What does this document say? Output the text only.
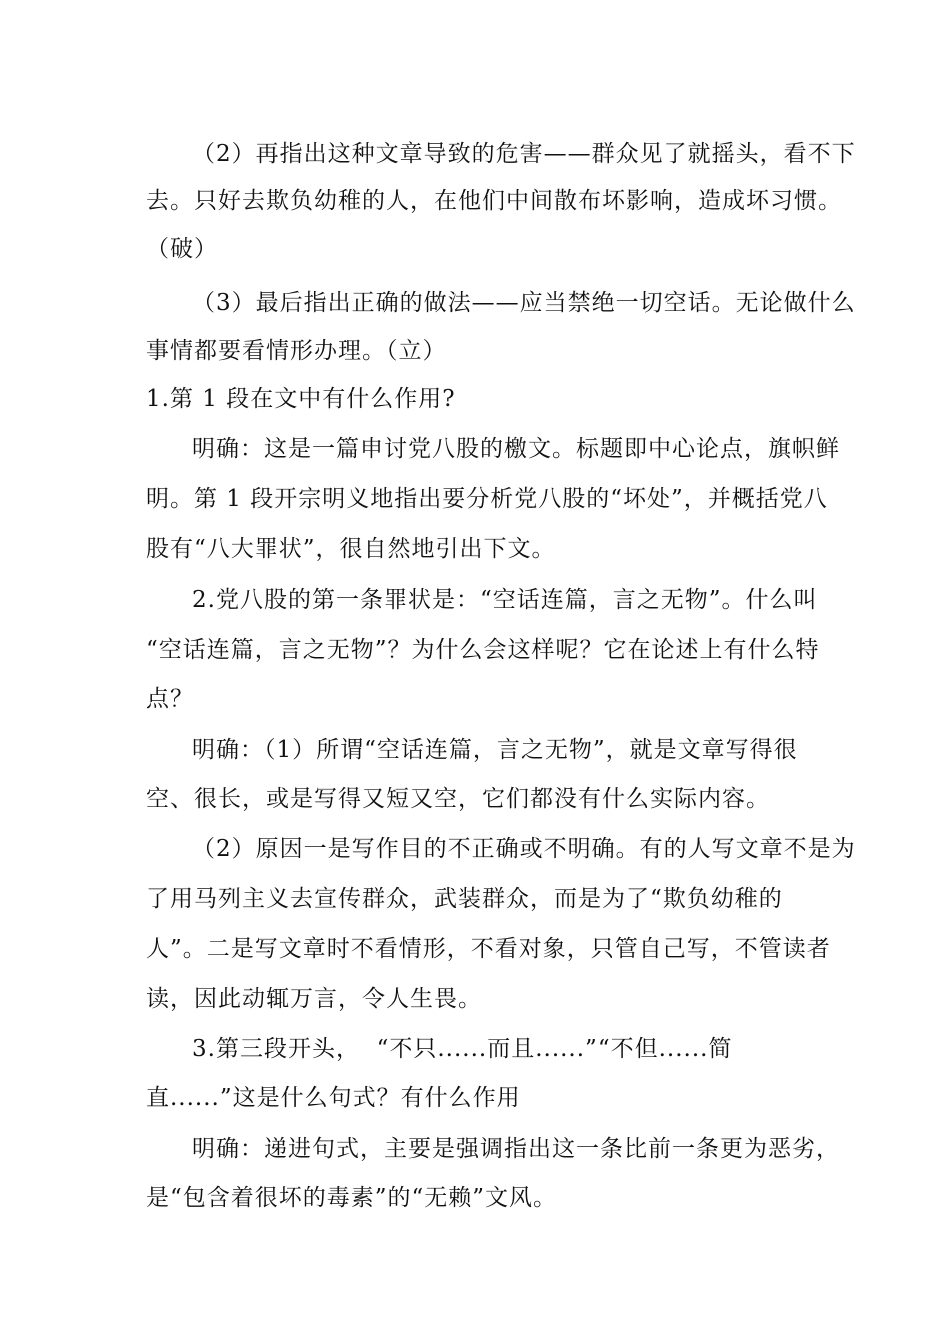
（2）再指出这种文章导致的危害——群众见了就摇头，看不下
去。只好去欺负幼稚的人，在他们中间散布坏影响，造成坏习惯。
（破）
（3）最后指出正确的做法——应当禁绝一切空话。无论做什么
事情都要看情形办理。（立）
1.第 1 段在文中有什么作用?
明确：这是一篇申讨党八股的檄文。标题即中心论点，旗帜鲜
明。第 1 段开宗明义地指出要分析党八股的“坏处”，并概括党八
股有“八大罪状”，很自然地引出下文。
2.党八股的第一条罪状是：“空话连篇，言之无物”。什么叫
“空话连篇，言之无物”？为什么会这样呢？它在论述上有什么特
点？
明确：（1）所谓“空话连篇，言之无物”，就是文章写得很
空、很长，或是写得又短又空，它们都没有什么实际内容。
（2）原因一是写作目的不正确或不明确。有的人写文章不是为
了用马列主义去宣传群众，武装群众，而是为了“欺负幼稚的
人”。二是写文章时不看情形，不看对象，只管自己写，不管读者
读，因此动辄万言，令人生畏。
3.第三段开头，  “不只......而且......”“不但......简
直......”这是什么句式？有什么作用
明确：递进句式，主要是强调指出这一条比前一条更为恶劣，
是“包含着很坏的毒素”的“无赖”文风。
